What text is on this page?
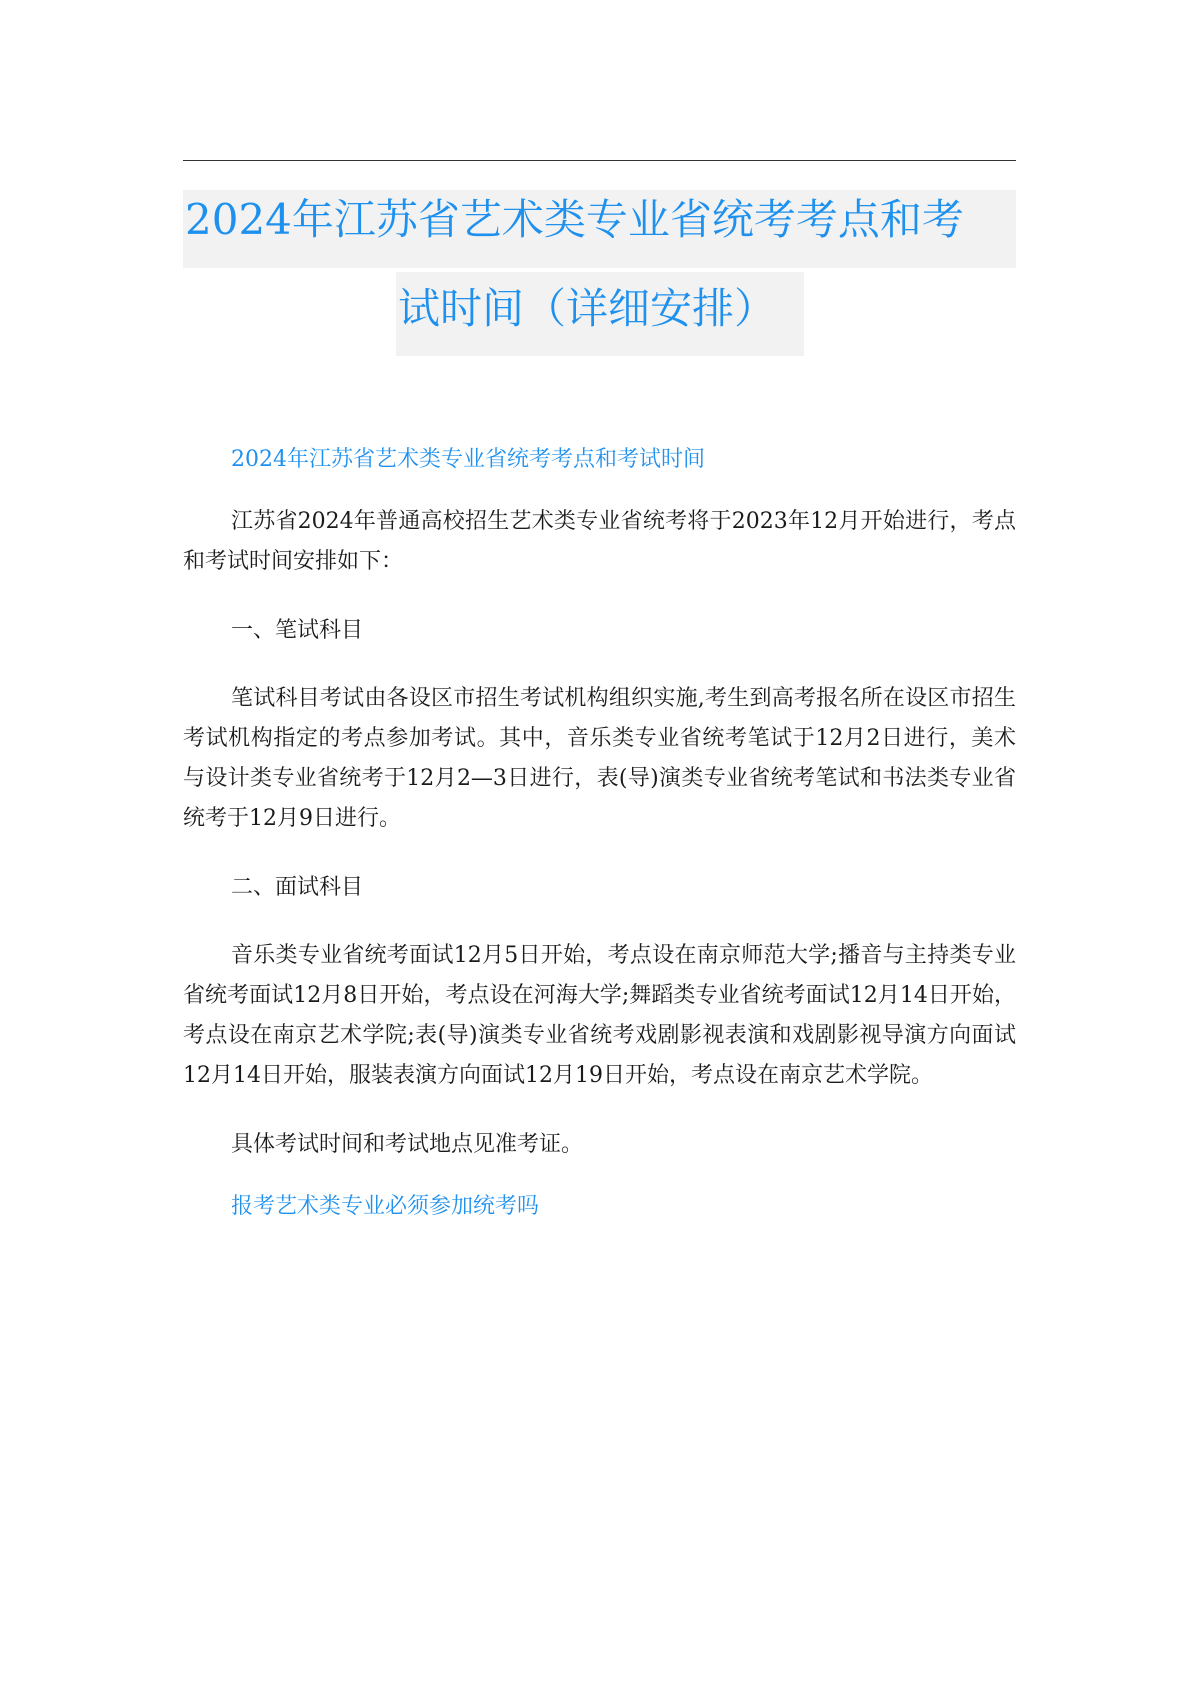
2024年江苏省艺术类专业省统考考点和考
试时间（详细安排）

2024年江苏省艺术类专业省统考考点和考试时间

江苏省2024年普通高校招生艺术类专业省统考将于2023年12月开始进行，考点和考试时间安排如下：

一、笔试科目

笔试科目考试由各设区市招生考试机构组织实施,考生到高考报名所在设区市招生考试机构指定的考点参加考试。其中，音乐类专业省统考笔试于12月2日进行，美术与设计类专业省统考于12月2—3日进行，表(导)演类专业省统考笔试和书法类专业省统考于12月9日进行。

二、面试科目

音乐类专业省统考面试12月5日开始，考点设在南京师范大学;播音与主持类专业省统考面试12月8日开始，考点设在河海大学;舞蹈类专业省统考面试12月14日开始，考点设在南京艺术学院;表(导)演类专业省统考戏剧影视表演和戏剧影视导演方向面试12月14日开始，服装表演方向面试12月19日开始，考点设在南京艺术学院。

具体考试时间和考试地点见准考证。

报考艺术类专业必须参加统考吗
